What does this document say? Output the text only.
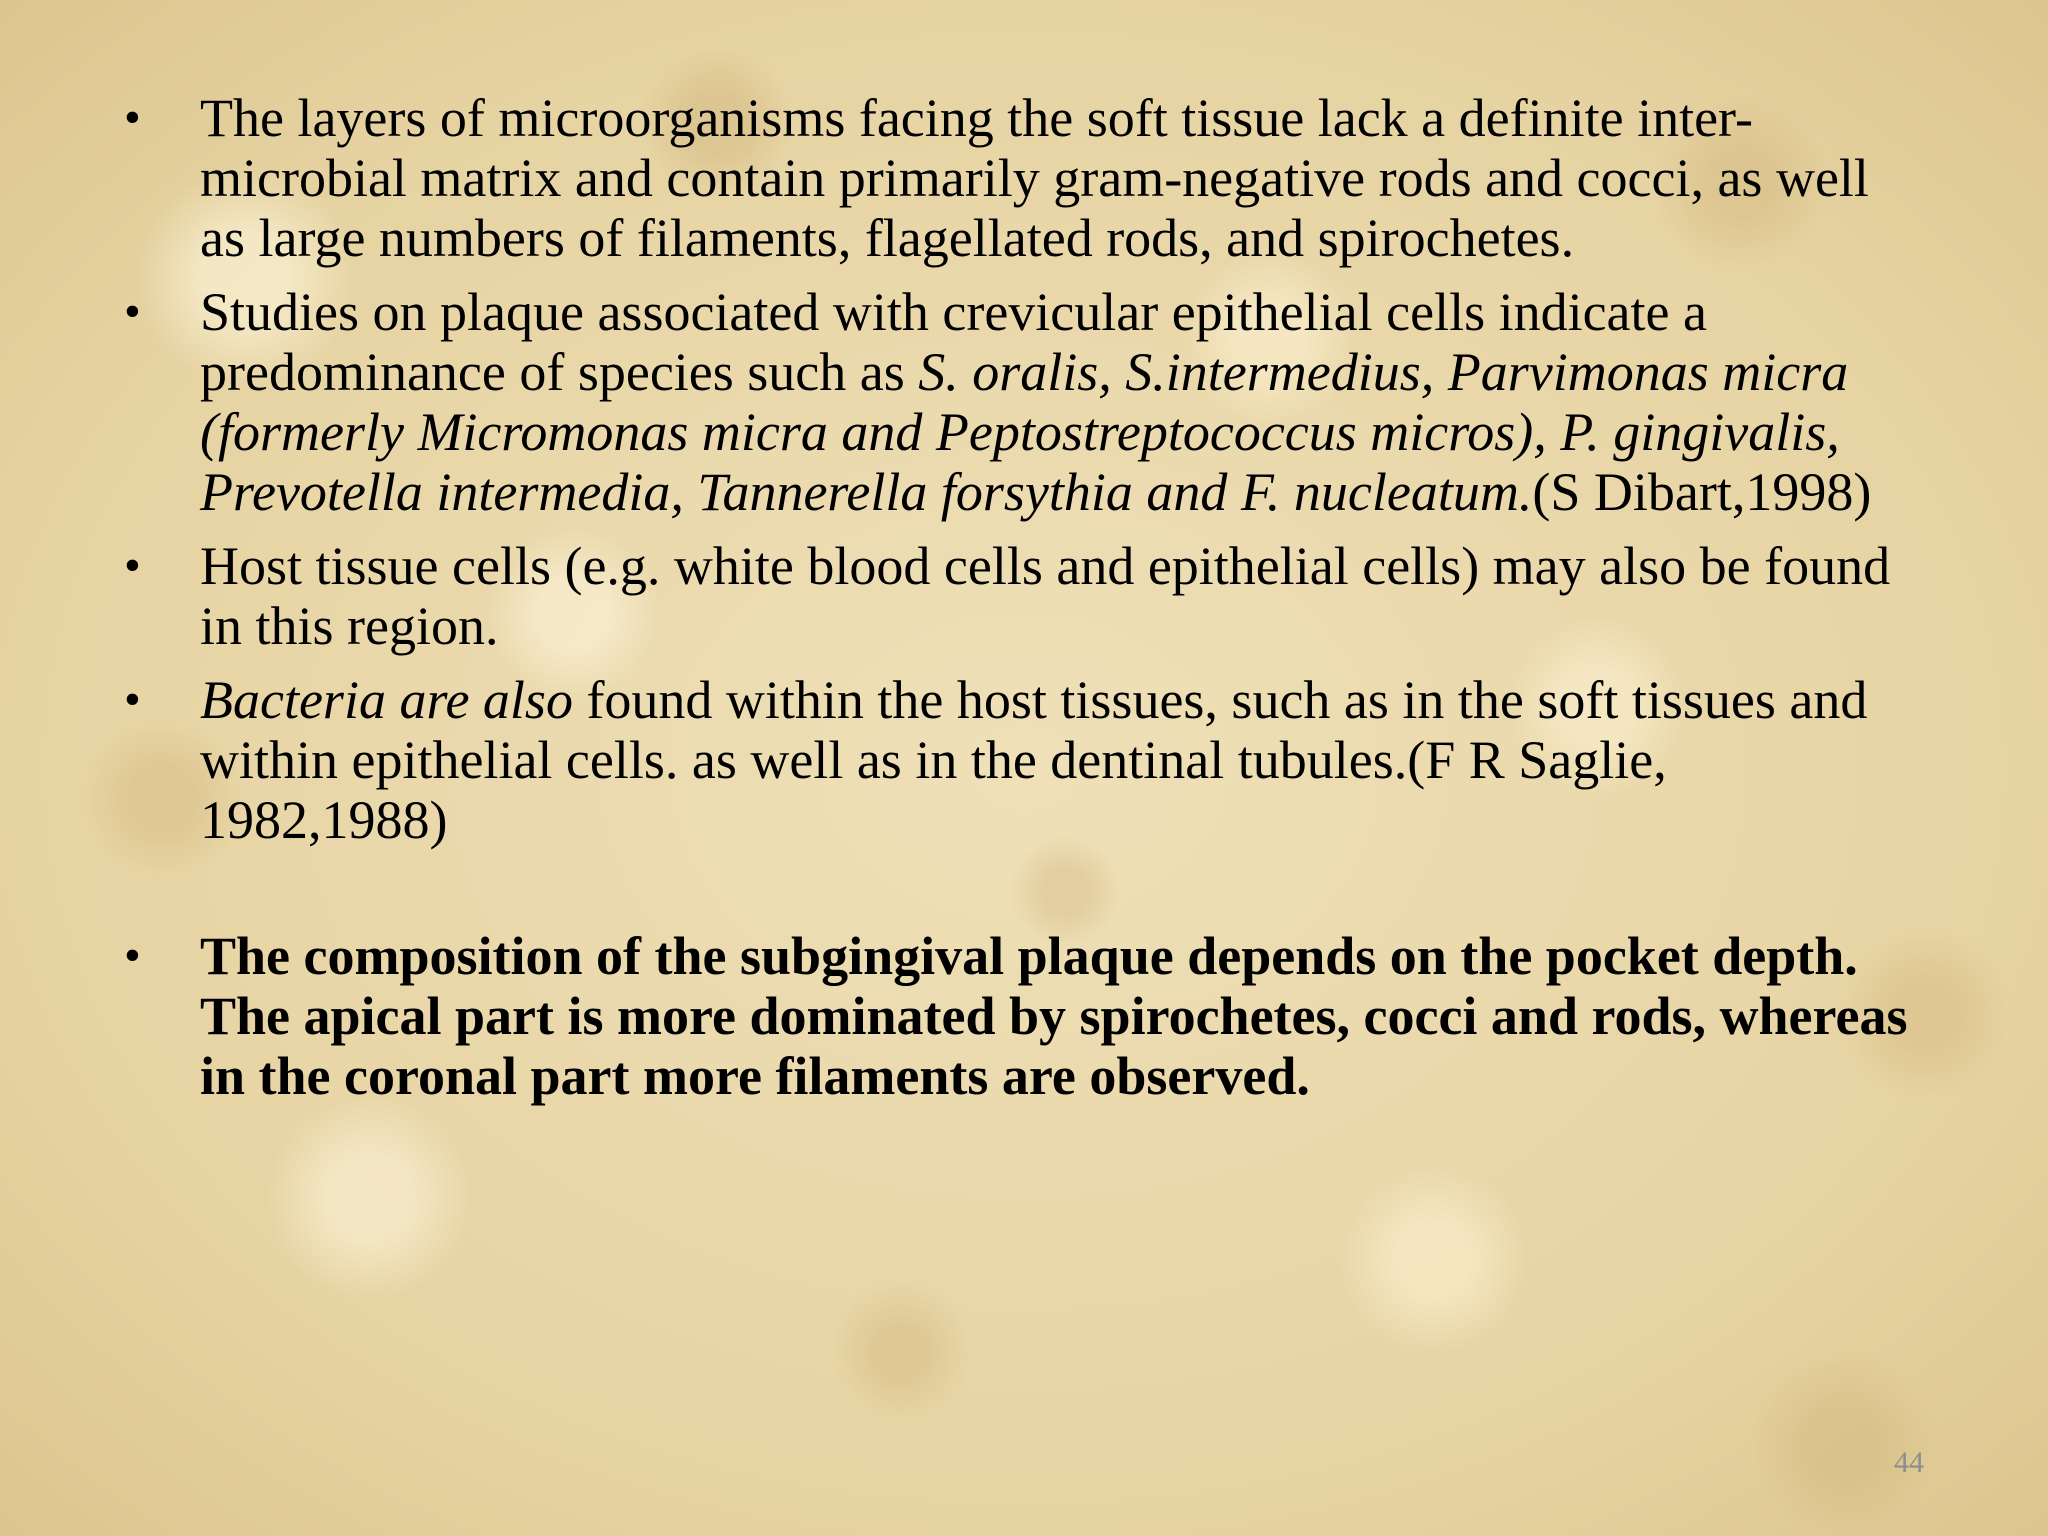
• The layers of microorganisms facing the soft tissue lack a definite inter-microbial matrix and contain primarily gram-negative rods and cocci, as well as large numbers of filaments, flagellated rods, and spirochetes.
• Studies on plaque associated with crevicular epithelial cells indicate a predominance of species such as S. oralis, S.intermedius, Parvimonas micra (formerly Micromonas micra and Peptostreptococcus micros), P. gingivalis, Prevotella intermedia, Tannerella forsythia and F. nucleatum.(S Dibart,1998)
• Host tissue cells (e.g. white blood cells and epithelial cells) may also be found in this region.
• Bacteria are also found within the host tissues, such as in the soft tissues and within epithelial cells. as well as in the dentinal tubules.(F R Saglie, 1982,1988)
• The composition of the subgingival plaque depends on the pocket depth. The apical part is more dominated by spirochetes, cocci and rods, whereas in the coronal part more filaments are observed.
44
